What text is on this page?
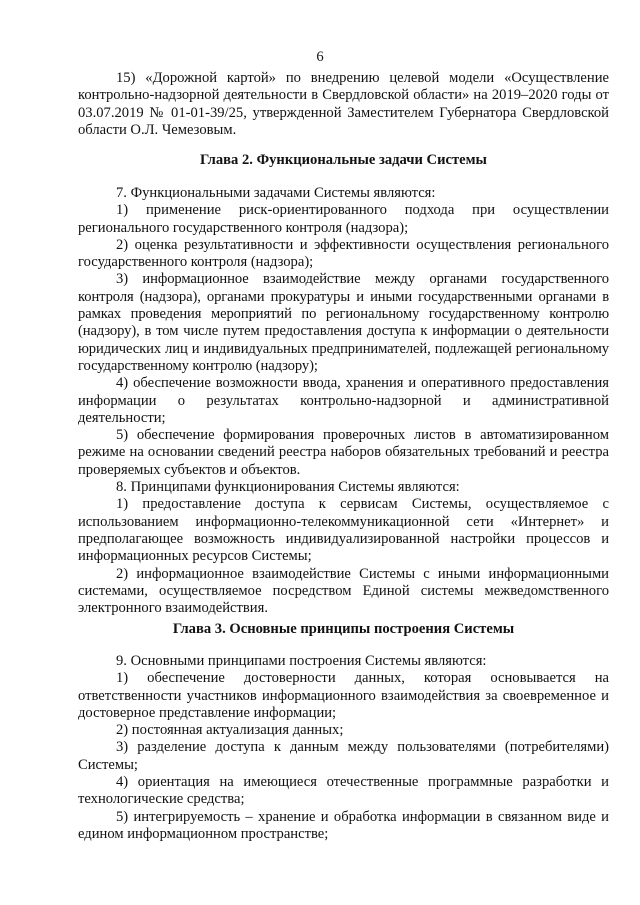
6
15) «Дорожной картой» по внедрению целевой модели «Осуществление контрольно-надзорной деятельности в Свердловской области» на 2019–2020 годы от 03.07.2019 № 01-01-39/25, утвержденной Заместителем Губернатора Свердловской области О.Л. Чемезовым.
Глава 2. Функциональные задачи Системы
7. Функциональными задачами Системы являются:
1) применение риск-ориентированного подхода при осуществлении регионального государственного контроля (надзора);
2) оценка результативности и эффективности осуществления регионального государственного контроля (надзора);
3) информационное взаимодействие между органами государственного контроля (надзора), органами прокуратуры и иными государственными органами в рамках проведения мероприятий по региональному государственному контролю (надзору), в том числе путем предоставления доступа к информации о деятельности юридических лиц и индивидуальных предпринимателей, подлежащей региональному государственному контролю (надзору);
4) обеспечение возможности ввода, хранения и оперативного предоставления информации о результатах контрольно-надзорной и административной деятельности;
5) обеспечение формирования проверочных листов в автоматизированном режиме на основании сведений реестра наборов обязательных требований и реестра проверяемых субъектов и объектов.
8. Принципами функционирования Системы являются:
1) предоставление доступа к сервисам Системы, осуществляемое с использованием информационно-телекоммуникационной сети «Интернет» и предполагающее возможность индивидуализированной настройки процессов и информационных ресурсов Системы;
2) информационное взаимодействие Системы с иными информационными системами, осуществляемое посредством Единой системы межведомственного электронного взаимодействия.
Глава 3. Основные принципы построения Системы
9. Основными принципами построения Системы являются:
1) обеспечение достоверности данных, которая основывается на ответственности участников информационного взаимодействия за своевременное и достоверное представление информации;
2) постоянная актуализация данных;
3) разделение доступа к данным между пользователями (потребителями) Системы;
4) ориентация на имеющиеся отечественные программные разработки и технологические средства;
5) интегрируемость – хранение и обработка информации в связанном виде и едином информационном пространстве;
